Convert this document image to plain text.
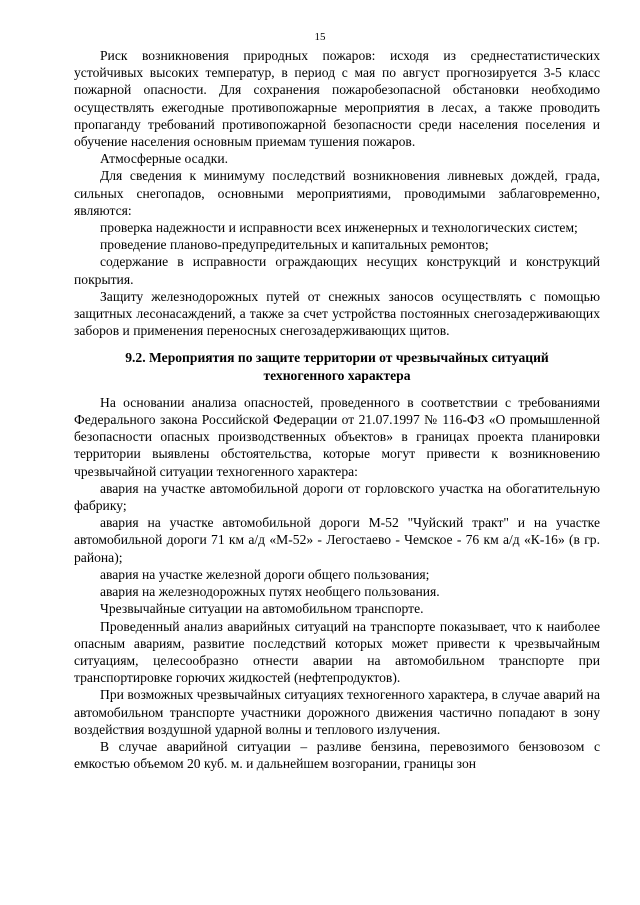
15

Риск возникновения природных пожаров: исходя из среднестатистических устойчивых высоких температур, в период с мая по август прогнозируется 3-5 класс пожарной опасности. Для сохранения пожаробезопасной обстановки необходимо осуществлять ежегодные противопожарные мероприятия в лесах, а также проводить пропаганду требований противопожарной безопасности среди населения поселения и обучение населения основным приемам тушения пожаров.

Атмосферные осадки.

Для сведения к минимуму последствий возникновения ливневых дождей, града, сильных снегопадов, основными мероприятиями, проводимыми заблаговременно, являются:

проверка надежности и исправности всех инженерных и технологических систем;

проведение планово-предупредительных и капитальных ремонтов;

содержание в исправности ограждающих несущих конструкций и конструкций покрытия.

Защиту железнодорожных путей от снежных заносов осуществлять с помощью защитных лесонасаждений, а также за счет устройства постоянных снегозадерживающих заборов и применения переносных снегозадерживающих щитов.

9.2. Мероприятия по защите территории от чрезвычайных ситуаций техногенного характера

На основании анализа опасностей, проведенного в соответствии с требованиями Федерального закона Российской Федерации от 21.07.1997 № 116-ФЗ «О промышленной безопасности опасных производственных объектов» в границах проекта планировки территории выявлены обстоятельства, которые могут привести к возникновению чрезвычайной ситуации техногенного характера:

авария на участке автомобильной дороги от горловского участка на обогатительную фабрику;

авария на участке автомобильной дороги М-52 "Чуйский тракт" и на участке автомобильной дороги 71 км а/д «М-52» - Легостаево - Чемское - 76 км а/д «К-16» (в гр. района);

авария на участке железной дороги общего пользования;

авария на железнодорожных путях необщего пользования.

Чрезвычайные ситуации на автомобильном транспорте.

Проведенный анализ аварийных ситуаций на транспорте показывает, что к наиболее опасным авариям, развитие последствий которых может привести к чрезвычайным ситуациям, целесообразно отнести аварии на автомобильном транспорте при транспортировке горючих жидкостей (нефтепродуктов).

При возможных чрезвычайных ситуациях техногенного характера, в случае аварий на автомобильном транспорте участники дорожного движения частично попадают в зону воздействия воздушной ударной волны и теплового излучения.

В случае аварийной ситуации – разливе бензина, перевозимого бензовозом с емкостью объемом 20 куб. м. и дальнейшем возгорании, границы зон
